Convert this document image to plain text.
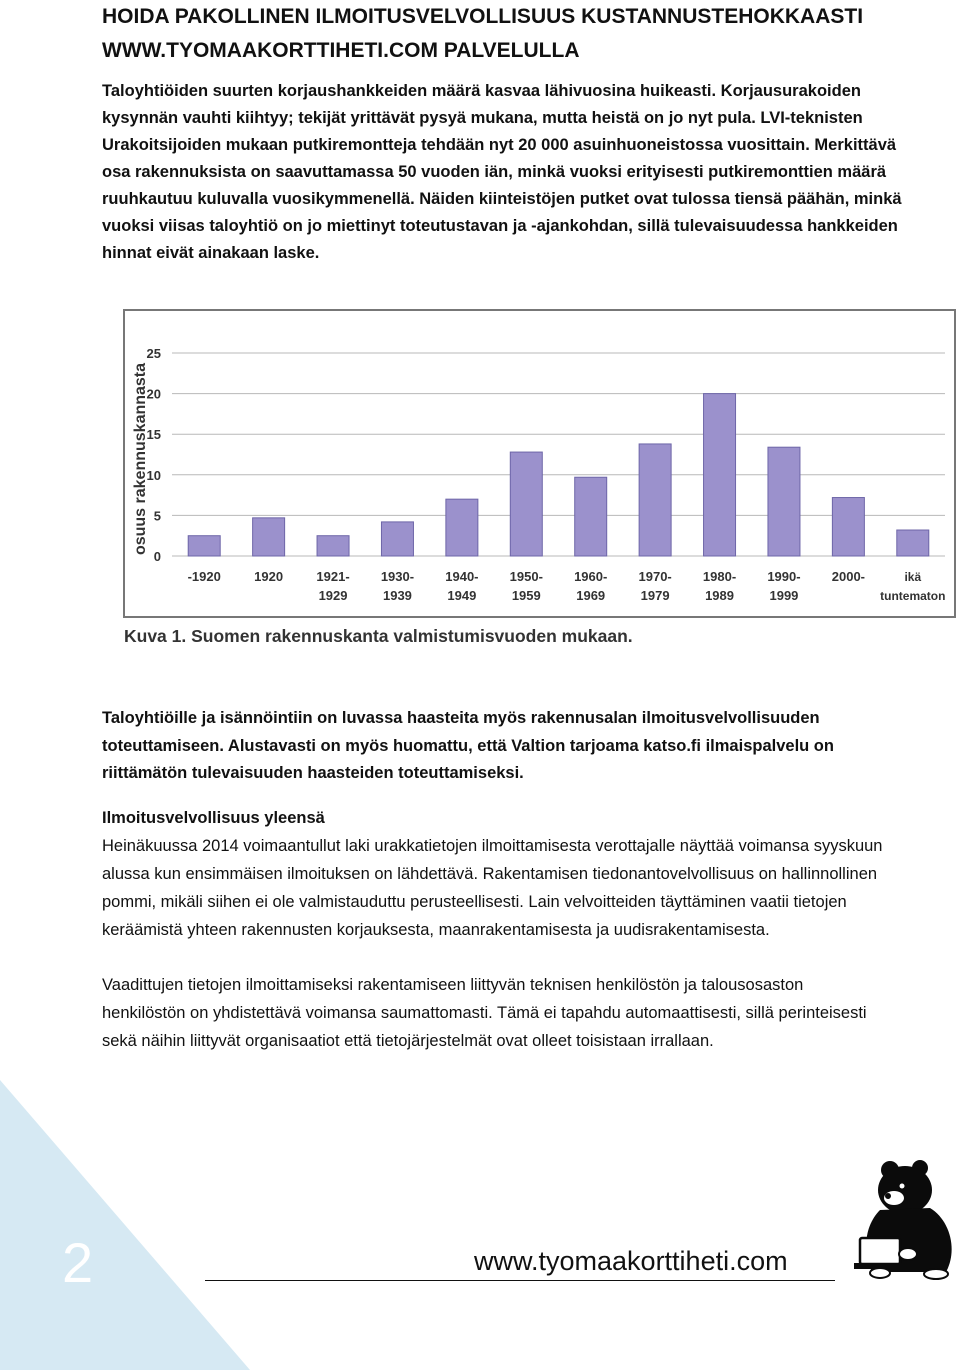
HOIDA PAKOLLINEN ILMOITUSVELVOLLISUUS KUSTANNUSTEHOKKAASTI
WWW.TYOMAAKORTTIHETI.COM PALVELULLA
Taloyhtiöiden suurten korjaushankkeiden määrä kasvaa lähivuosina huikeasti. Korjausurakoiden
kysynnän vauhti kiihtyy; tekijät yrittävät pysyä mukana, mutta heistä on jo nyt pula. LVI-teknisten
Urakoitsijoiden mukaan putkiremontteja tehdään nyt 20 000 asuinhuoneistossa vuosittain. Merkittävä
osa rakennuksista on saavuttamassa 50 vuoden iän, minkä vuoksi erityisesti putkiremonttien määrä
ruuhkautuu kuluvalla vuosikymmenellä. Näiden kiinteistöjen putket ovat tulossa tiensä päähän, minkä
vuoksi viisas taloyhtiö on jo miettinyt toteutustavan ja -ajankohdan, sillä tulevaisuudessa hankkeiden
hinnat eivät ainakaan laske.
osuus rakennuskannasta
0
5
10
15
20
25
-1920	1920	1921-
1929
1930-
1939
1940-
1949
1950-
1959
1960-
1969
1970-
1979
1980-
1989
1990-
1999
2000-	ikä
tuntematon
Kuva 1. Suomen rakennuskanta valmistumisvuoden mukaan.
Taloyhtiöille ja isännöintiin on luvassa haasteita myös rakennusalan ilmoitusvelvollisuuden
toteuttamiseen. Alustavasti on myös huomattu, että Valtion tarjoama katso.fi ilmaispalvelu on
riittämätön tulevaisuuden haasteiden toteuttamiseksi.
Ilmoitusvelvollisuus yleensä
Heinäkuussa 2014 voimaantullut laki urakkatietojen ilmoittamisesta verottajalle näyttää voimansa syyskuun
alussa kun ensimmäisen ilmoituksen on lähdettävä. Rakentamisen tiedonantovelvollisuus on hallinnollinen
pommi, mikäli siihen ei ole valmistauduttu perusteellisesti. Lain velvoitteiden täyttäminen vaatii tietojen
keräämistä yhteen rakennusten korjauksesta, maanrakentamisesta ja uudisrakentamisesta.
Vaadittujen tietojen ilmoittamiseksi rakentamiseen liittyvän teknisen henkilöstön ja talousosaston
henkilöstön on yhdistettävä voimansa saumattomasti. Tämä ei tapahdu automaattisesti, sillä perinteisesti
sekä näihin liittyvät organisaatiot että tietojärjestelmät ovat olleet toisistaan irrallaan.
2	www.tyomaakorttiheti.com
